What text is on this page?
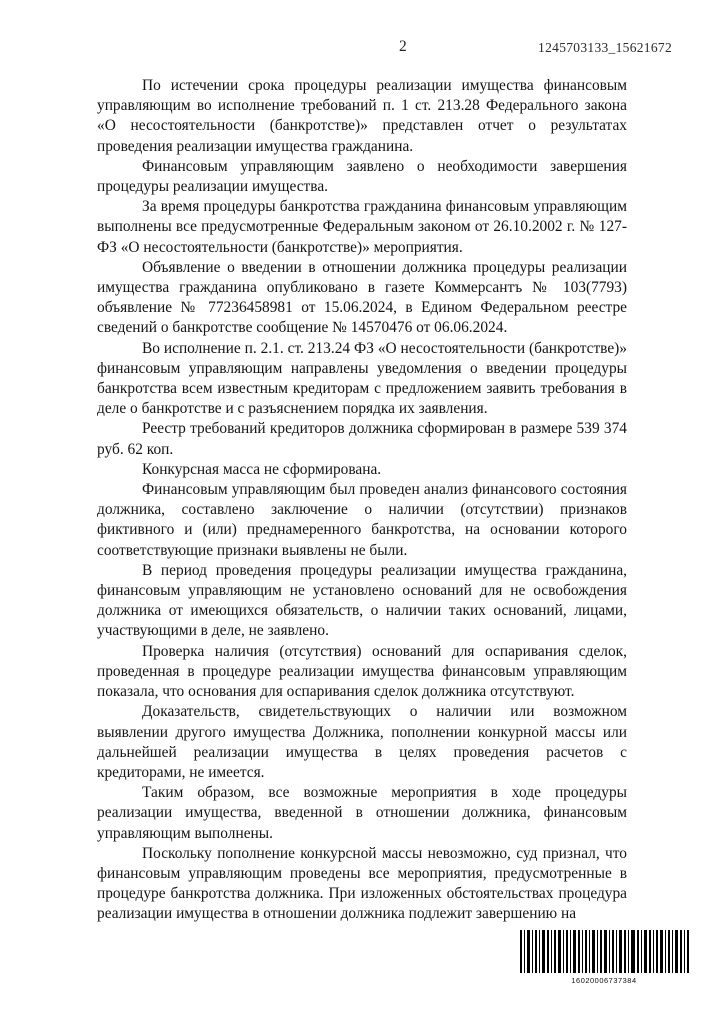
2	1245703133_15621672

По истечении срока процедуры реализации имущества финансовым управляющим во исполнение требований п. 1 ст. 213.28 Федерального закона «О несостоятельности (банкротстве)» представлен отчет о результатах проведения реализации имущества гражданина.

Финансовым управляющим заявлено о необходимости завершения процедуры реализации имущества.

За время процедуры банкротства гражданина финансовым управляющим выполнены все предусмотренные Федеральным законом от 26.10.2002 г. № 127-ФЗ «О несостоятельности (банкротстве)» мероприятия.

Объявление о введении в отношении должника процедуры реализации имущества гражданина опубликовано в газете Коммерсантъ № 103(7793) объявление № 77236458981 от 15.06.2024, в Едином Федеральном реестре сведений о банкротстве сообщение № 14570476 от 06.06.2024.

Во исполнение п. 2.1. ст. 213.24 ФЗ «О несостоятельности (банкротстве)» финансовым управляющим направлены уведомления о введении процедуры банкротства всем известным кредиторам с предложением заявить требования в деле о банкротстве и с разъяснением порядка их заявления.

Реестр требований кредиторов должника сформирован в размере 539 374 руб. 62 коп.

Конкурсная масса не сформирована.

Финансовым управляющим был проведен анализ финансового состояния должника, составлено заключение о наличии (отсутствии) признаков фиктивного и (или) преднамеренного банкротства, на основании которого соответствующие признаки выявлены не были.

В период проведения процедуры реализации имущества гражданина, финансовым управляющим не установлено оснований для не освобождения должника от имеющихся обязательств, о наличии таких оснований, лицами, участвующими в деле, не заявлено.

Проверка наличия (отсутствия) оснований для оспаривания сделок, проведенная в процедуре реализации имущества финансовым управляющим показала, что основания для оспаривания сделок должника отсутствуют.

Доказательств, свидетельствующих о наличии или возможном выявлении другого имущества Должника, пополнении конкурной массы или дальнейшей реализации имущества в целях проведения расчетов с кредиторами, не имеется.

Таким образом, все возможные мероприятия в ходе процедуры реализации имущества, введенной в отношении должника, финансовым управляющим выполнены.

Поскольку пополнение конкурсной массы невозможно, суд признал, что финансовым управляющим проведены все мероприятия, предусмотренные в процедуре банкротства должника. При изложенных обстоятельствах процедура реализации имущества в отношении должника подлежит завершению на

16020006737384
